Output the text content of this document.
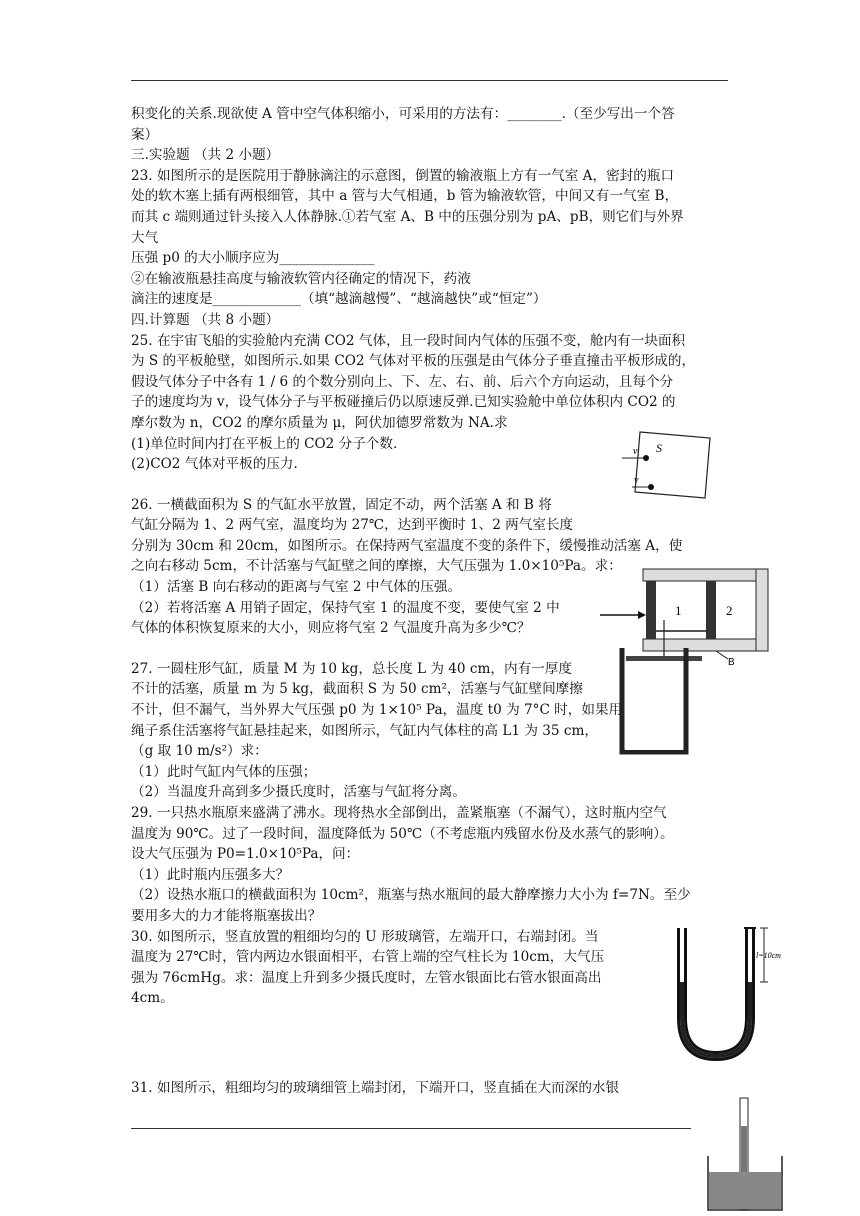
积变化的关系.现欲使 A 管中空气体积缩小，可采用的方法有：________.（至少写出一个答

案）

三.实验题 （共 2 小题）

23. 如图所示的是医院用于静脉滴注的示意图，倒置的输液瓶上方有一气室 A，密封的瓶口

处的软木塞上插有两根细管，其中 a 管与大气相通，b 管为输液软管，中间又有一气室 B，

而其 c 端则通过针头接入人体静脉.①若气室 A、B 中的压强分别为 pA、pB，则它们与外界

大气

压强 p0 的大小顺序应为______________

②在输液瓶悬挂高度与输液软管内径确定的情况下，药液

滴注的速度是_____________（填“越滴越慢”、“越滴越快”或“恒定”）

四.计算题 （共 8 小题）

25. 在宇宙飞船的实验舱内充满 CO2 气体，且一段时间内气体的压强不变，舱内有一块面积

为 S 的平板舱壁，如图所示.如果 CO2 气体对平板的压强是由气体分子垂直撞击平板形成的，

假设气体分子中各有 1 / 6 的个数分别向上、下、左、右、前、后六个方向运动，且每个分

子的速度均为 v，设气体分子与平板碰撞后仍以原速反弹.已知实验舱中单位体积内 CO2 的

摩尔数为 n，CO2 的摩尔质量为 μ，阿伏加德罗常数为 NA.求

(1)单位时间内打在平板上的 CO2 分子个数.

(2)CO2 气体对平板的压力.

26. 一横截面积为 S 的气缸水平放置，固定不动，两个活塞 A 和 B 将

气缸分隔为 1、2 两气室，温度均为 27℃，达到平衡时 1、2 两气室长度

分别为 30cm 和 20cm，如图所示。在保持两气室温度不变的条件下，缓慢推动活塞 A，使

之向右移动 5cm，不计活塞与气缸壁之间的摩擦，大气压强为 1.0×10⁵Pa。求：

（1）活塞 B 向右移动的距离与气室 2 中气体的压强。

（2）若将活塞 A 用销子固定，保持气室 1 的温度不变，要使气室 2 中

气体的体积恢复原来的大小，则应将气室 2 气温度升高为多少℃？

27. 一圆柱形气缸，质量 M 为 10 kg，总长度 L 为 40 cm，内有一厚度

不计的活塞，质量 m 为 5 kg，截面积 S 为 50 cm²，活塞与气缸壁间摩擦

不计，但不漏气，当外界大气压强 p0 为 1×10⁵ Pa，温度 t0 为 7°C 时，如果用

绳子系住活塞将气缸悬挂起来，如图所示，气缸内气体柱的高 L1 为 35 cm，

（g 取 10 m/s²）求：

（1）此时气缸内气体的压强；

（2）当温度升高到多少摄氏度时，活塞与气缸将分离。

29. 一只热水瓶原来盛满了沸水。现将热水全部倒出，盖紧瓶塞（不漏气），这时瓶内空气

温度为 90℃。过了一段时间，温度降低为 50℃（不考虑瓶内残留水份及水蒸气的影响）。

设大气压强为 P0=1.0×10⁵Pa，问：

（1）此时瓶内压强多大？

（2）设热水瓶口的横截面积为 10cm²，瓶塞与热水瓶间的最大静摩擦力大小为 f=7N。至少

要用多大的力才能将瓶塞拔出？

30. 如图所示，竖直放置的粗细均匀的 U 形玻璃管，左端开口，右端封闭。当

温度为 27℃时，管内两边水银面相平，右管上端的空气柱长为 10cm，大气压

强为 76cmHg。求：温度上升到多少摄氏度时，左管水银面比右管水银面高出

4cm。

31. 如图所示，粗细均匀的玻璃细管上端封闭，下端开口，竖直插在大而深的水银

S
v
v
1	2
B
l=10cm
